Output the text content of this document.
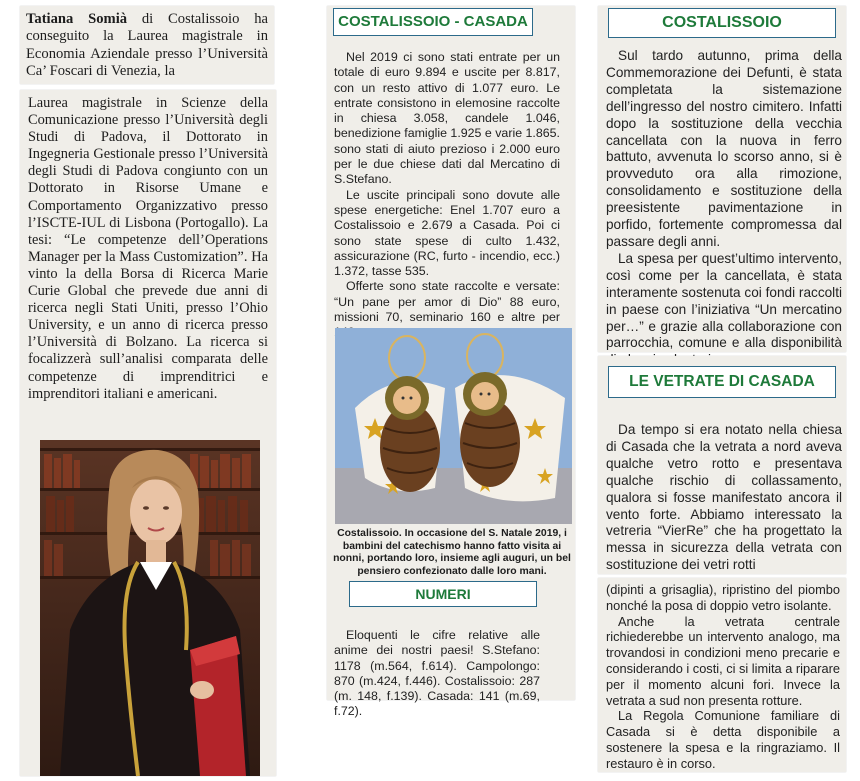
Tatiana Somià di Costalissoio ha conseguito la Laurea magistrale in Economia Aziendale presso l’Università Ca’ Foscari di Venezia, la

Laurea magistrale in Scienze della Comunicazione presso l’Università degli Studi di Padova, il Dottorato in Ingegneria Gestionale presso l’Università degli Studi di Padova congiunto con un Dottorato in Risorse Umane e Comportamento Organizzativo presso l’ISCTE-IUL di Lisbona (Portogallo). La tesi: “Le competenze dell’Operations Manager per la Mass Customization”. Ha vinto la della Borsa di Ricerca Marie Curie Global che prevede due anni di ricerca negli Stati Uniti, presso l’Ohio University, e un anno di ricerca presso l’Università di Bolzano. La ricerca si focalizzerà sull’analisi comparata delle competenze di imprenditrici e imprenditori italiani e americani.

COSTALISSOIO - CASADA

Nel 2019 ci sono stati entrate per un totale di euro 9.894 e uscite per 8.817, con un resto attivo di 1.077 euro. Le entrate consistono in elemosine raccolte in chiesa 3.058, candele 1.046, benedizione famiglie 1.925 e varie 1.865. sono stati di aiuto prezioso i 2.000 euro per le due chiese dati dal Mercatino di S.Stefano.

Le uscite principali sono dovute alle spese energetiche: Enel 1.707 euro a Costalissoio e 2.679 a Casada. Poi ci sono state spese di culto 1.432, assicurazione (RC, furto - incendio, ecc.) 1.372, tasse 535.

Offerte sono state raccolte e versate: “Un pane per amor di Dio” 88 euro, missioni 70, seminario 160 e altre per

Costalissoio. In occasione del S. Natale 2019, i bambini del catechismo hanno fatto visita ai nonni, portando loro, insieme agli auguri, un bel pensiero confezionato dalle loro mani.
NUMERI

Eloquenti le cifre relative alle anime dei nostri paesi! S.Stefano: 1178 (m.564, f.614). Campolongo: 870 (m.424, f.446). Costalissoio: 287 (m. 148, f.139). Casada: 141 (m.69, f.72).

COSTALISSOIO

Sul tardo autunno, prima della Commemorazione dei Defunti, è stata completata la sistemazione dell’ingresso del nostro cimitero. Infatti dopo la sostituzione della vecchia cancellata con la nuova in ferro battuto, avvenuta lo scorso anno, si è provveduto ora alla rimozione, consolidamento e sostituzione della preesistente pavimentazione in porfido, fortemente compromessa dal passare degli anni.

La spesa per quest’ultimo intervento, così come per la cancellata, è stata interamente sostenuta coi fondi raccolti in paese con l’iniziativa “Un mercatino per…” e grazie alla collaborazione con parrocchia, comune e alla disponibilità

LE VETRATE DI CASADA

Da tempo si era notato nella chiesa di Casada che la vetrata a nord aveva qualche vetro rotto e presentava qualche rischio di collassamento, qualora si fosse manifestato ancora il vento forte. Abbiamo interessato la vetreria “VierRe” che ha progettato la messa in sicurezza della vetrata con sostituzione dei vetri rotti

(dipinti a grisaglia), ripristino del piombo nonché la posa di doppio vetro isolante.

Anche la vetrata centrale richiederebbe un intervento analogo, ma trovandosi in condizioni meno precarie e considerando i costi, ci si limita a riparare per il momento alcuni fori. Invece la vetrata a sud non presenta rotture.

La Regola Comunione familiare di Casada si è detta disponibile a sostenere la spesa e la ringraziamo. Il restauro è in corso.
